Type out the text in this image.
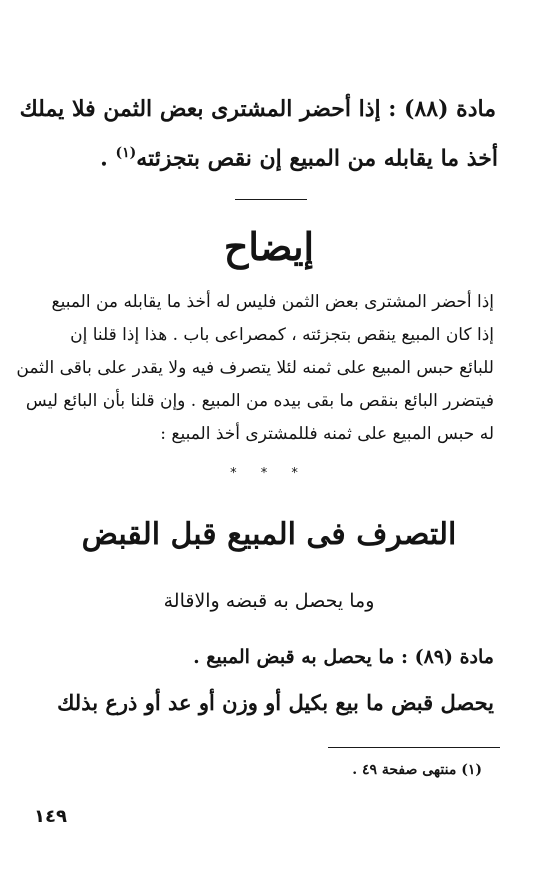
مادة (٨٨) : إذا أحضر المشترى بعض الثمن فلا يملك
أخذ ما يقابله من المبيع إن نقص بتجزئته$^{(١)}$ .
إيضاح
إذا أحضر المشترى بعض الثمن فليس له أخذ ما يقابله من المبيع
إذا كان المبيع ينقص بتجزئته ، كمصراعى باب . هذا إذا قلنا إن
للبائع حبس المبيع على ثمنه لئلا يتصرف فيه ولا يقدر على باقى الثمن
فيتضرر البائع بنقص ما بقى بيده من المبيع . وإن قلنا بأن البائع ليس
له حبس المبيع على ثمنه فللمشترى أخذ المبيع :
* * *
التصرف فى المبيع قبل القبض
وما يحصل به قبضه والاقالة
مادة (٨٩) : ما يحصل به قبض المبيع .
يحصل قبض ما بيع بكيل أو وزن أو عد أو ذرع بذلك
(١) منتهى صفحة ٤٩ .
١٤٩
